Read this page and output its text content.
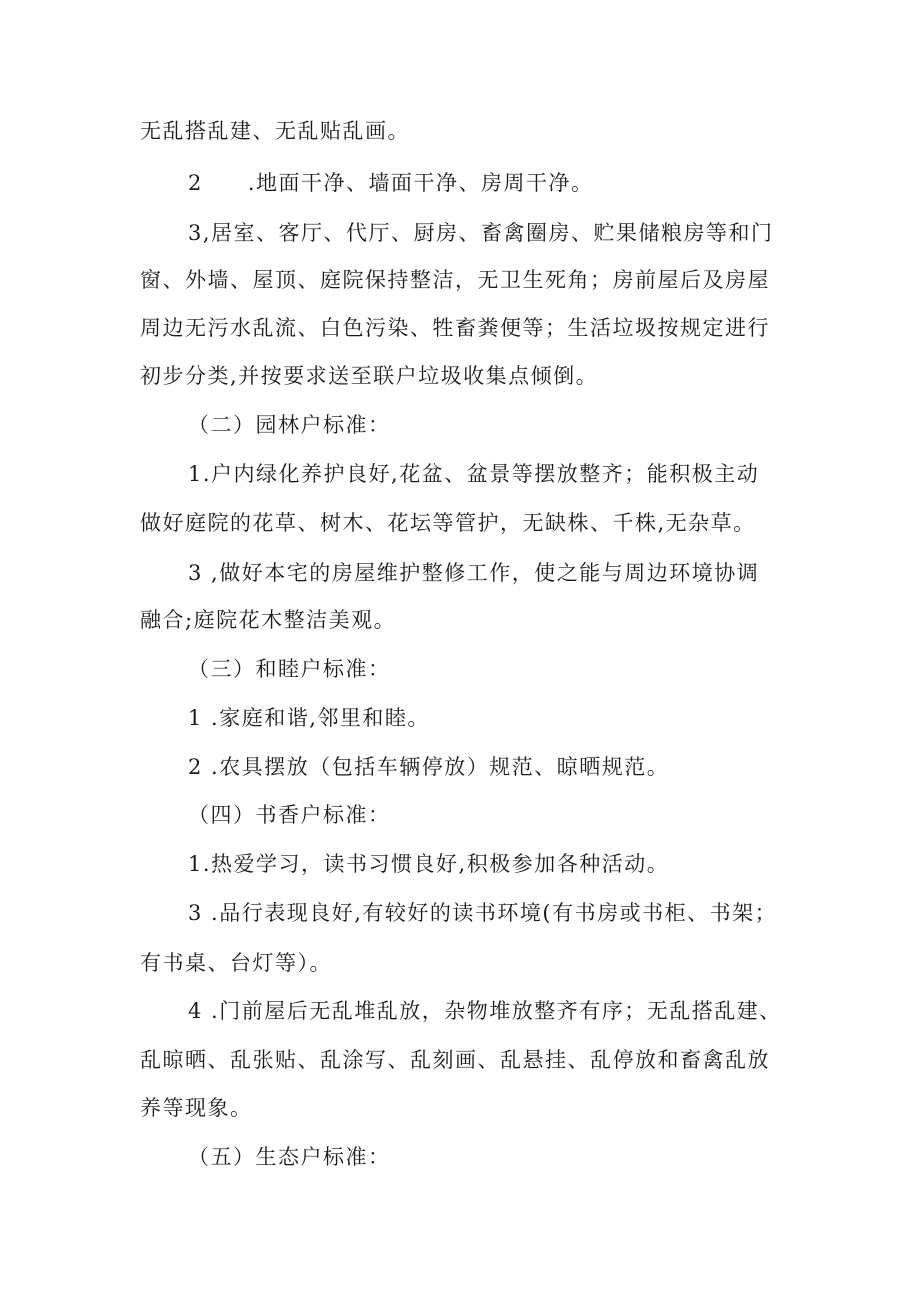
无乱搭乱建、无乱贴乱画。
2　　.地面干净、墙面干净、房周干净。
3,居室、客厅、代厅、厨房、畜禽圈房、贮果储粮房等和门
窗、外墙、屋顶、庭院保持整洁，无卫生死角；房前屋后及房屋
周边无污水乱流、白色污染、牲畜粪便等；生活垃圾按规定进行
初步分类,并按要求送至联户垃圾收集点倾倒。
（二）园林户标准：
1.户内绿化养护良好,花盆、盆景等摆放整齐；能积极主动
做好庭院的花草、树木、花坛等管护，无缺株、千株,无杂草。
3 ,做好本宅的房屋维护整修工作，使之能与周边环境协调
融合;庭院花木整洁美观。
（三）和睦户标准：
1 .家庭和谐,邻里和睦。
2 .农具摆放（包括车辆停放）规范、晾晒规范。
（四）书香户标准：
1.热爱学习，读书习惯良好,积极参加各种活动。
3 .品行表现良好,有较好的读书环境(有书房或书柜、书架；
有书桌、台灯等）。
4 .门前屋后无乱堆乱放，杂物堆放整齐有序；无乱搭乱建、
乱晾晒、乱张贴、乱涂写、乱刻画、乱悬挂、乱停放和畜禽乱放
养等现象。
（五）生态户标准：
